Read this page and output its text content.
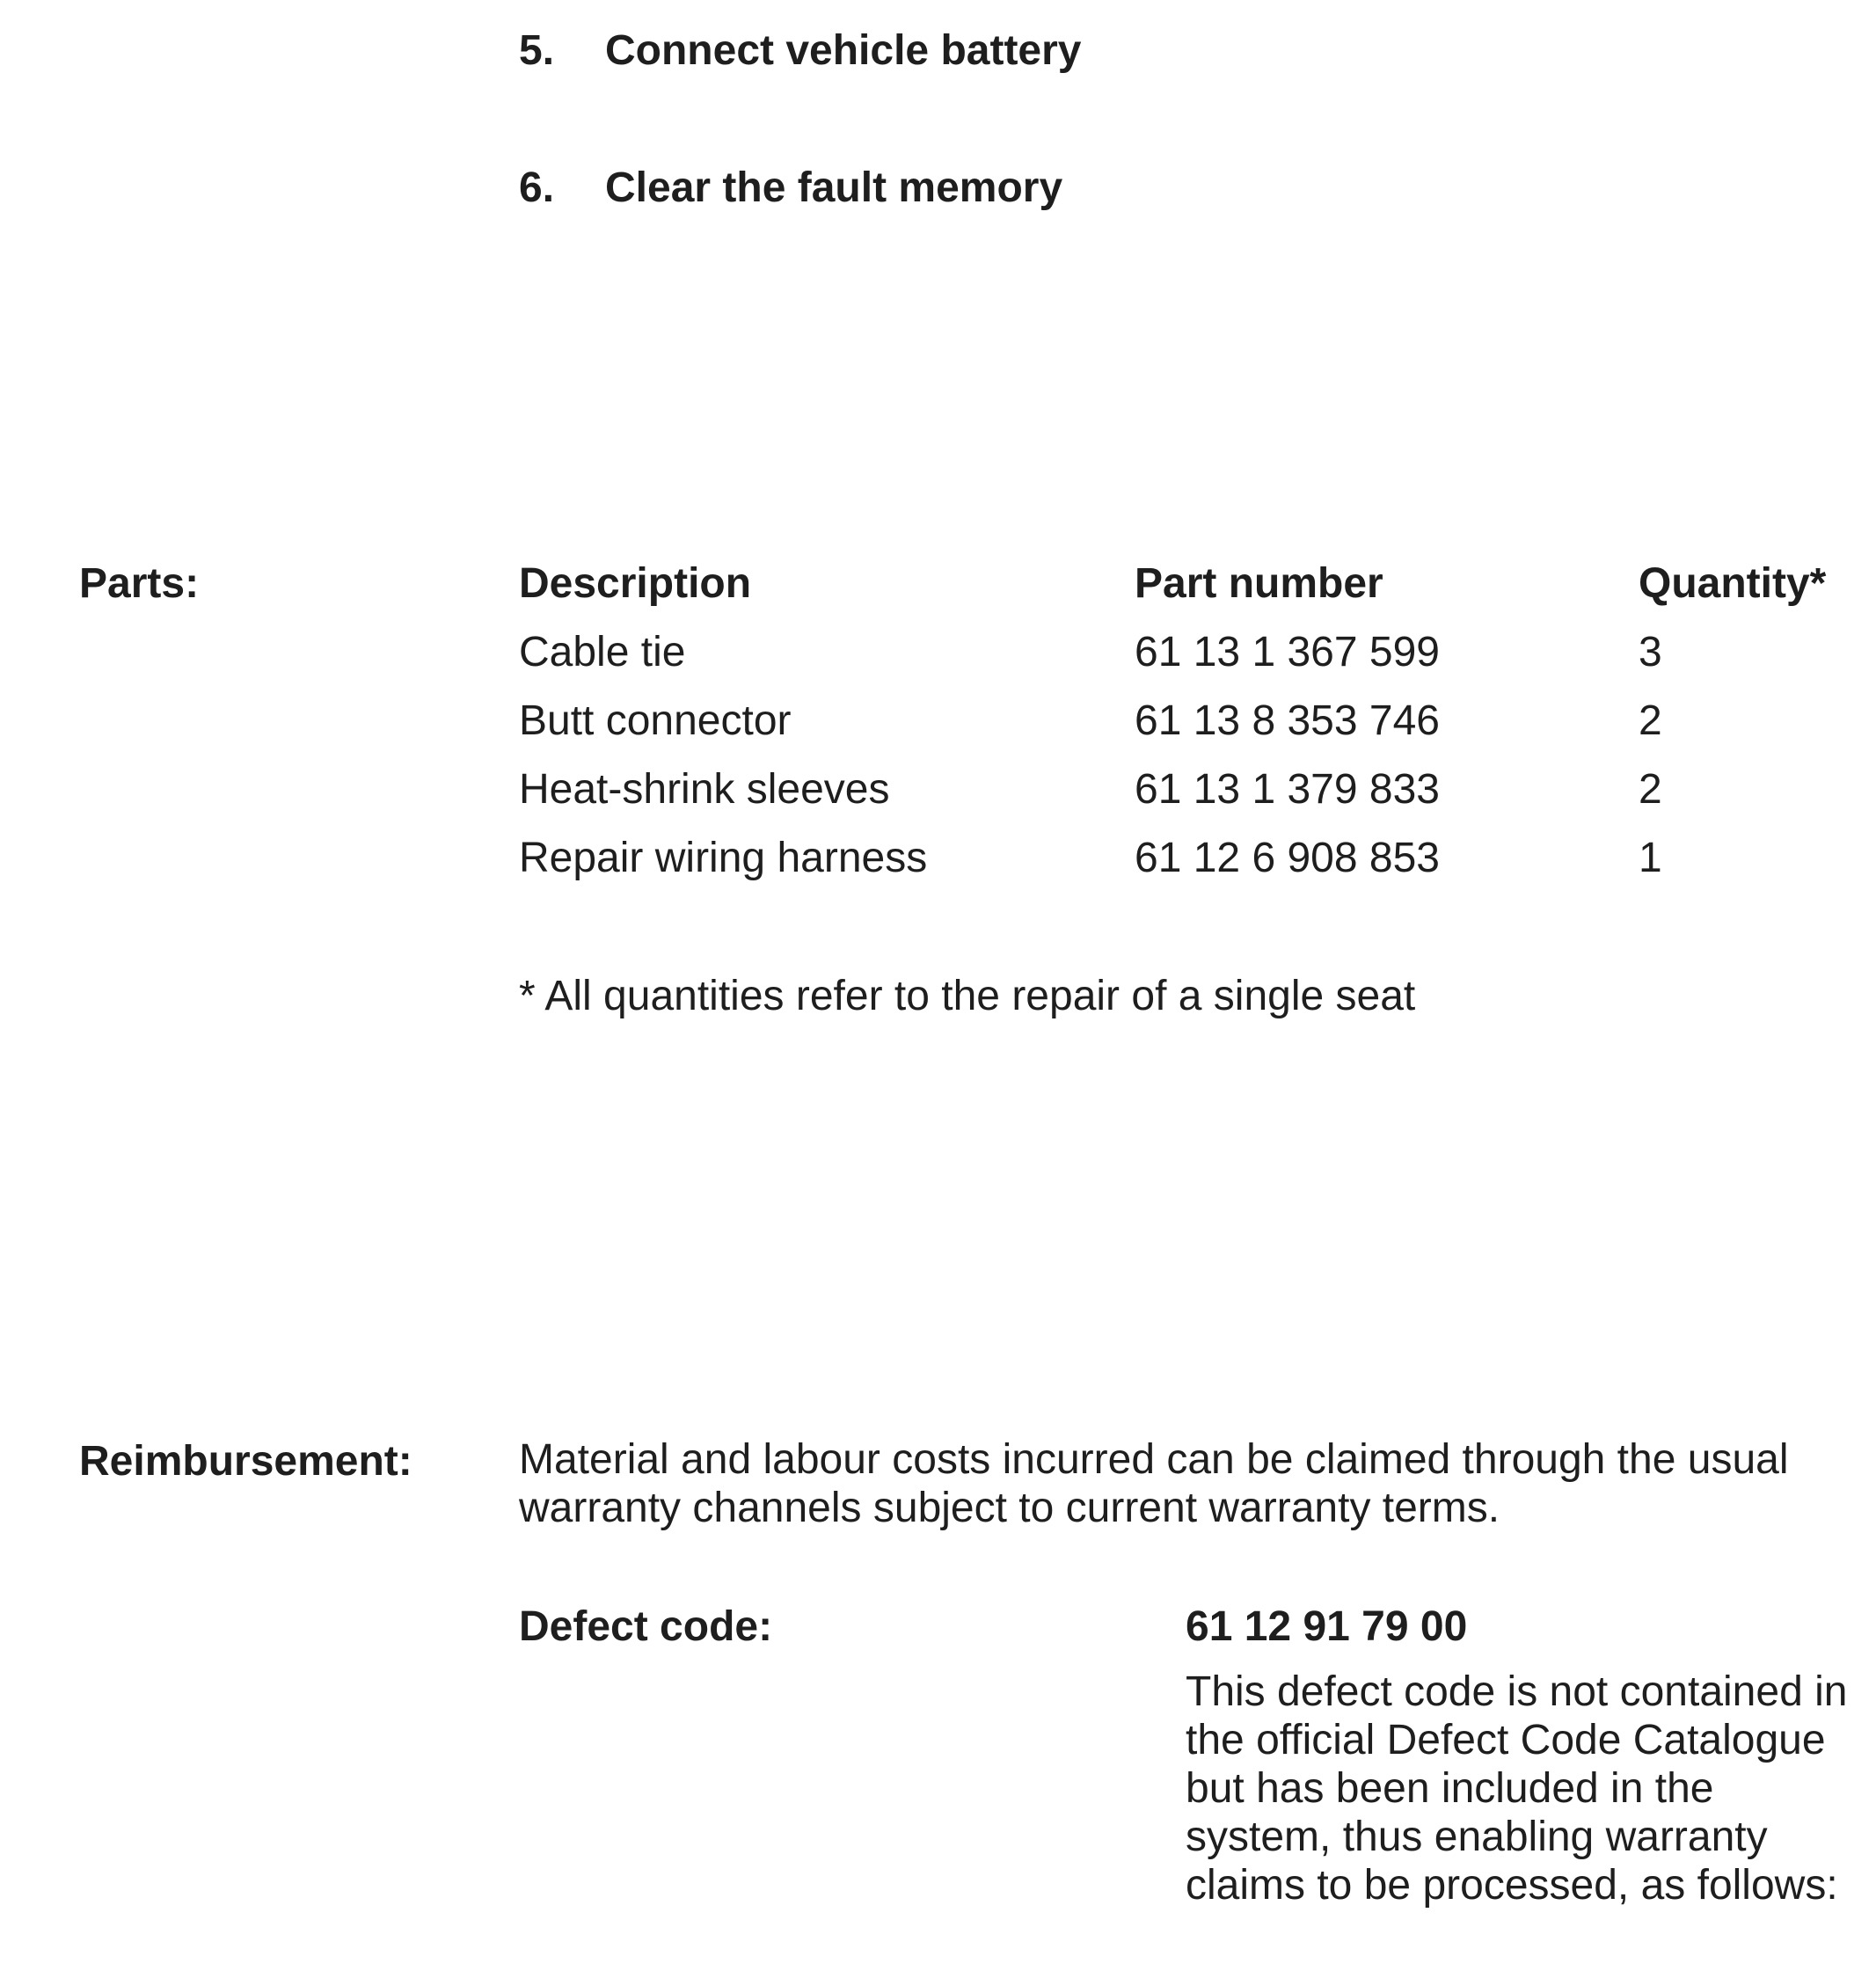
5. Connect vehicle battery
6. Clear the fault memory
Parts:	Description	Part number	Quantity*
Cable tie	61 13 1 367 599	3
Butt connector	61 13 8 353 746	2
Heat-shrink sleeves	61 13 1 379 833	2
Repair wiring harness	61 12 6 908 853	1
* All quantities refer to the repair of a single seat
Reimbursement:	Material and labour costs incurred can be claimed through the usual
warranty channels subject to current warranty terms.
Defect code:	61 12 91 79 00
This defect code is not contained in
the official Defect Code Catalogue
but has been included in the
system, thus enabling warranty
claims to be processed, as follows:
